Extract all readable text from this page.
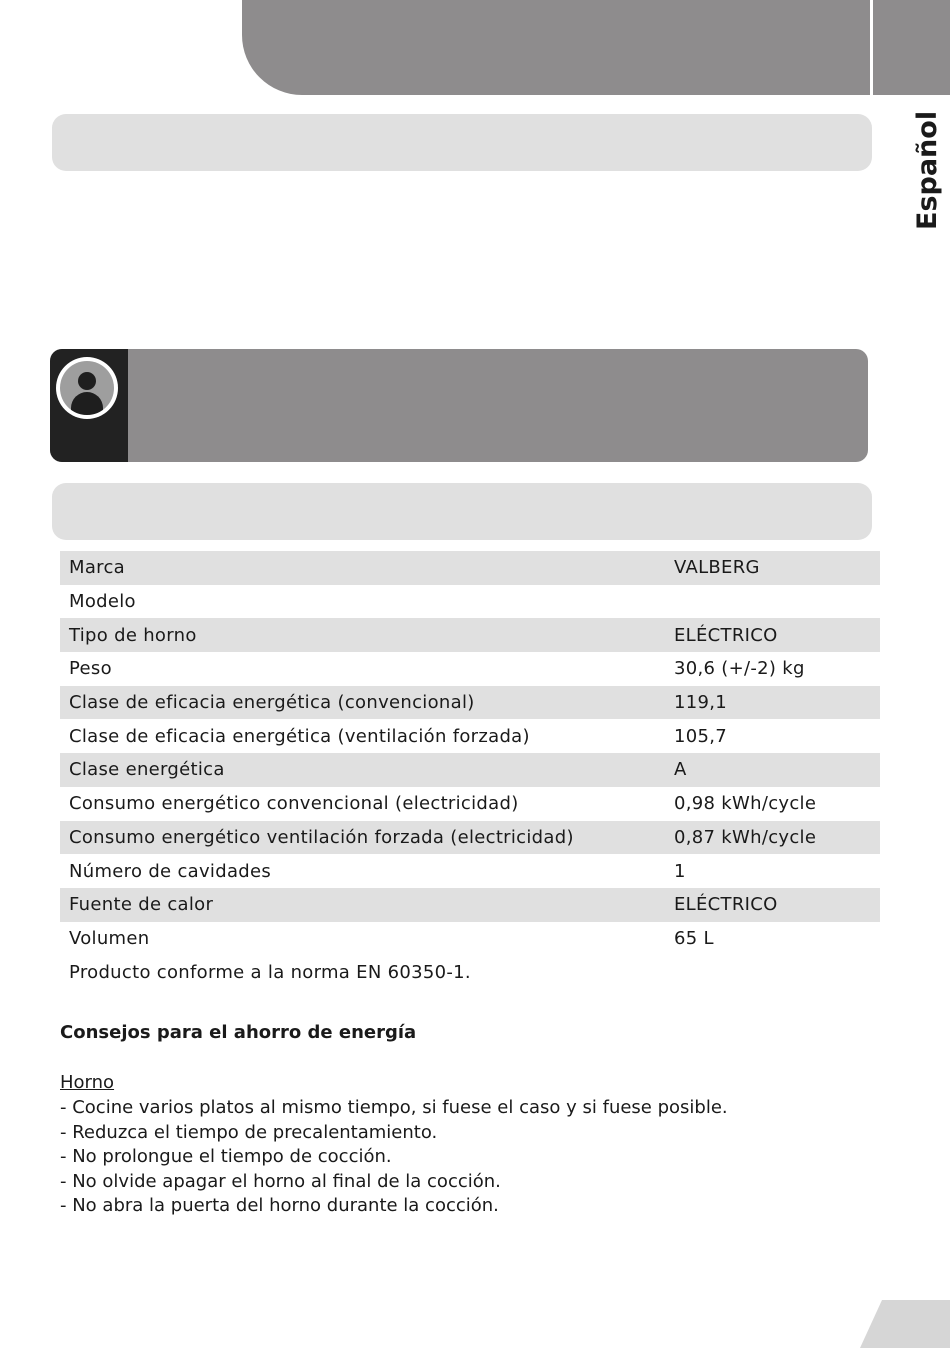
Español
Marca	VALBERG
Modelo	
Tipo de horno	ELÉCTRICO
Peso	30,6 (+/-2) kg
Clase de eficacia energética (convencional)	119,1
Clase de eficacia energética (ventilación forzada)	105,7
Clase energética	A
Consumo energético convencional (electricidad)	0,98 kWh/cycle
Consumo energético ventilación forzada (electricidad)	0,87 kWh/cycle
Número de cavidades	1
Fuente de calor	ELÉCTRICO
Volumen	65 L
Producto conforme a la norma EN 60350-1.	
Consejos para el ahorro de energía
Horno
- Cocine varios platos al mismo tiempo, si fuese el caso y si fuese posible.
- Reduzca el tiempo de precalentamiento.
- No prolongue el tiempo de cocción.
- No olvide apagar el horno al final de la cocción.
- No abra la puerta del horno durante la cocción.
